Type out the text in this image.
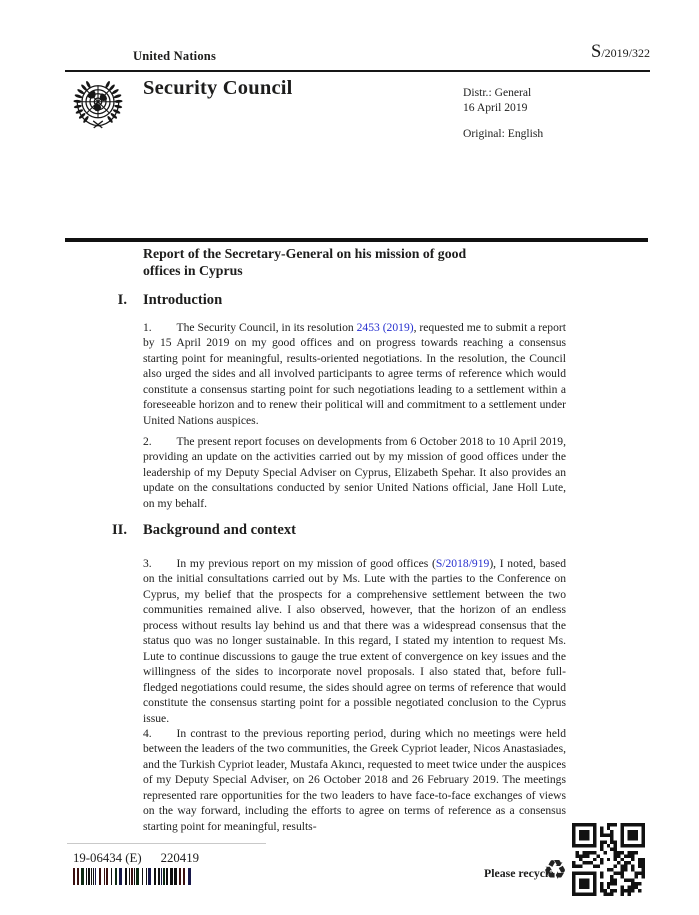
United Nations	S/2019/322
Security Council	Distr.: General
16 April 2019
Original: English
Report of the Secretary-General on his mission of good
offices in Cyprus
I. Introduction

1. The Security Council, in its resolution 2453 (2019), requested me to submit a report by 15 April 2019 on my good offices and on progress towards reaching a consensus starting point for meaningful, results-oriented negotiations. In the resolution, the Council also urged the sides and all involved participants to agree terms of reference which would constitute a consensus starting point for such negotiations leading to a settlement within a foreseeable horizon and to renew their political will and commitment to a settlement under United Nations auspices.

2. The present report focuses on developments from 6 October 2018 to 10 April 2019, providing an update on the activities carried out by my mission of good offices under the leadership of my Deputy Special Adviser on Cyprus, Elizabeth Spehar. It also provides an update on the consultations conducted by senior United Nations official, Jane Holl Lute, on my behalf.

II. Background and context

3. In my previous report on my mission of good offices (S/2018/919), I noted, based on the initial consultations carried out by Ms. Lute with the parties to the Conference on Cyprus, my belief that the prospects for a comprehensive settlement between the two communities remained alive. I also observed, however, that the horizon of an endless process without results lay behind us and that there was a widespread consensus that the status quo was no longer sustainable. In this regard, I stated my intention to request Ms. Lute to continue discussions to gauge the true extent of convergence on key issues and the willingness of the sides to incorporate novel proposals. I also stated that, before full-fledged negotiations could resume, the sides should agree on terms of reference that would constitute the consensus starting point for a possible negotiated conclusion to the Cyprus issue.

4. In contrast to the previous reporting period, during which no meetings were held between the leaders of the two communities, the Greek Cypriot leader, Nicos Anastasiades, and the Turkish Cypriot leader, Mustafa Akıncı, requested to meet twice under the auspices of my Deputy Special Adviser, on 26 October 2018 and 26 February 2019. The meetings represented rare opportunities for the two leaders to have face-to-face exchanges of views on the way forward, including the efforts to agree on terms of reference as a consensus starting point for meaningful, results-

19-06434 (E) 220419
Please recycle
♻
